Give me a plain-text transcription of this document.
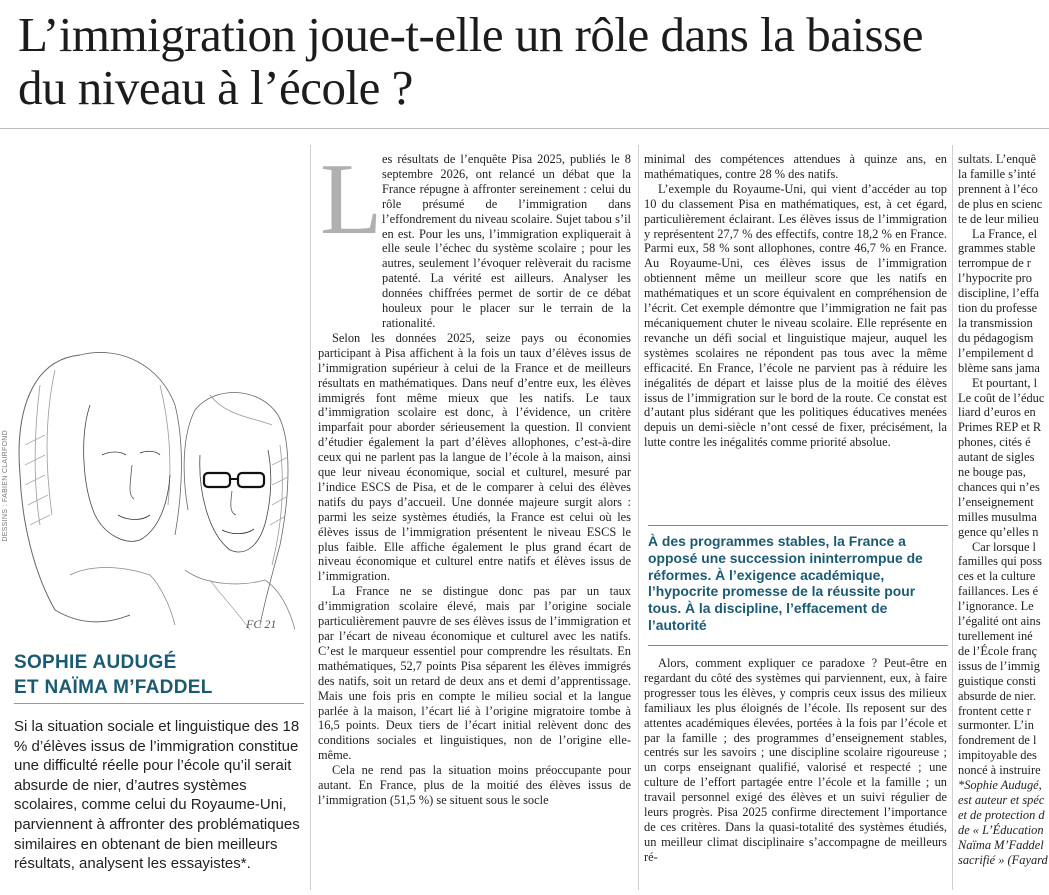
L’immigration joue-t-elle un rôle dans la baisse
du niveau à l’école ?
FC 21
DESSINS : FABIEN CLAIRFOND
SOPHIE AUDUGÉ
ET NAÏMA M’FADDEL
Si la situation sociale et linguistique des 18 % d’élèves issus de l’immigration constitue une difficulté réelle pour l’école qu’il serait absurde de nier, d’autres systèmes scolaires, comme celui du Royaume-Uni, parviennent à affronter des problématiques similaires en obtenant de bien meilleurs résultats, analysent les essayistes*.
L es résultats de l’enquête Pisa 2025, publiés le 8 septembre 2026, ont relancé un débat que la France répugne à affronter sereinement : celui du rôle présumé de l’immigration dans l’effondrement du niveau scolaire. Sujet tabou s’il en est. Pour les uns, l’immigration expliquerait à elle seule l’échec du système scolaire ; pour les autres, seulement l’évoquer relèverait du racisme patenté. La vérité est ailleurs. Analyser les données chiffrées permet de sortir de ce débat houleux pour le placer sur le terrain de la rationalité.

Selon les données 2025, seize pays ou économies participant à Pisa affichent à la fois un taux d’élèves issus de l’immigration supérieur à celui de la France et de meilleurs résultats en mathématiques. Dans neuf d’entre eux, les élèves immigrés font même mieux que les natifs. Le taux d’immigration scolaire est donc, à l’évidence, un critère imparfait pour aborder sérieusement la question. Il convient d’étudier également la part d’élèves allophones, c’est-à-dire ceux qui ne parlent pas la langue de l’école à la maison, ainsi que leur niveau économique, social et culturel, mesuré par l’indice ESCS de Pisa, et de le comparer à celui des élèves natifs du pays d’accueil. Une donnée majeure surgit alors : parmi les seize systèmes étudiés, la France est celui où les élèves issus de l’immigration présentent le niveau ESCS le plus faible. Elle affiche également le plus grand écart de niveau économique et culturel entre natifs et élèves issus de l’immigration.

La France ne se distingue donc pas par un taux d’immigration scolaire élevé, mais par l’origine sociale particulièrement pauvre de ses élèves issus de l’immigration et par l’écart de niveau économique et culturel avec les natifs. C’est le marqueur essentiel pour comprendre les résultats. En mathématiques, 52,7 points Pisa séparent les élèves immigrés des natifs, soit un retard de deux ans et demi d’apprentissage. Mais une fois pris en compte le milieu social et la langue parlée à la maison, l’écart lié à l’origine migratoire tombe à 16,5 points. Deux tiers de l’écart initial relèvent donc des conditions sociales et linguistiques, non de l’origine elle-même.

Cela ne rend pas la situation moins préoccupante pour autant. En France, plus de la moitié des élèves issus de l’immigration (51,5 %) se situent sous le socle

minimal des compétences attendues à quinze ans, en mathématiques, contre 28 % des natifs.

L’exemple du Royaume-Uni, qui vient d’accéder au top 10 du classement Pisa en mathématiques, est, à cet égard, particulièrement éclairant. Les élèves issus de l’immigration y représentent 27,7 % des effectifs, contre 18,2 % en France. Parmi eux, 58 % sont allophones, contre 46,7 % en France. Au Royaume-Uni, ces élèves issus de l’immigration obtiennent même un meilleur score que les natifs en mathématiques et un score équivalent en compréhension de l’écrit. Cet exemple démontre que l’immigration ne fait pas mécaniquement chuter le niveau scolaire. Elle représente en revanche un défi social et linguistique majeur, auquel les systèmes scolaires ne répondent pas tous avec la même efficacité. En France, l’école ne parvient pas à réduire les inégalités de départ et laisse plus de la moitié des élèves issus de l’immigration sur le bord de la route. Ce constat est d’autant plus sidérant que les politiques éducatives menées depuis un demi-siècle n’ont cessé de fixer, précisément, la lutte contre les inégalités comme priorité absolue.

À des programmes stables, la France a opposé une succession ininterrompue de réformes. À l’exigence académique, l’hypocrite promesse de la réussite pour tous. À la discipline, l’effacement de l’autorité

Alors, comment expliquer ce paradoxe ? Peut-être en regardant du côté des systèmes qui parviennent, eux, à faire progresser tous les élèves, y compris ceux issus des milieux familiaux les plus éloignés de l’école. Ils reposent sur des attentes académiques élevées, portées à la fois par l’école et par la famille ; des programmes d’enseignement stables, centrés sur les savoirs ; une discipline scolaire rigoureuse ; un corps enseignant qualifié, valorisé et respecté ; une culture de l’effort partagée entre l’école et la famille ; un travail personnel exigé des élèves et un suivi régulier de leurs progrès. Pisa 2025 confirme directement l’importance de ces critères. Dans la quasi-totalité des systèmes étudiés, un meilleur climat disciplinaire s’accompagne de meilleurs ré-

sultats. L’enquê
la famille s’inté
prennent à l’éco
de plus en scienc
te de leur milieu
La France, el
grammes stable
terrompue de r
l’hypocrite pro
discipline, l’effa
tion du professe
la transmission
du pédagogism
l’empilement d
blème sans jama
Et pourtant, l
Le coût de l’éduc
liard d’euros en
Primes REP et R
phones, cités é
autant de sigles
ne bouge pas,
chances qui n’es
l’enseignement
milles musulma
gence qu’elles n
Car lorsque l
familles qui poss
ces et la culture
faillances. Les é
l’ignorance. Le
l’égalité ont ains
turellement iné
de l’École franç
issus de l’immig
guistique consti
absurde de nier.
frontent cette r
surmonter. L’in
fondrement de l
impitoyable des
noncé à instruire
*Sophie Audugé,
est auteur et spéc
et de protection d
de « L’Éducation
Naïma M’Faddel
sacrifié » (Fayard
